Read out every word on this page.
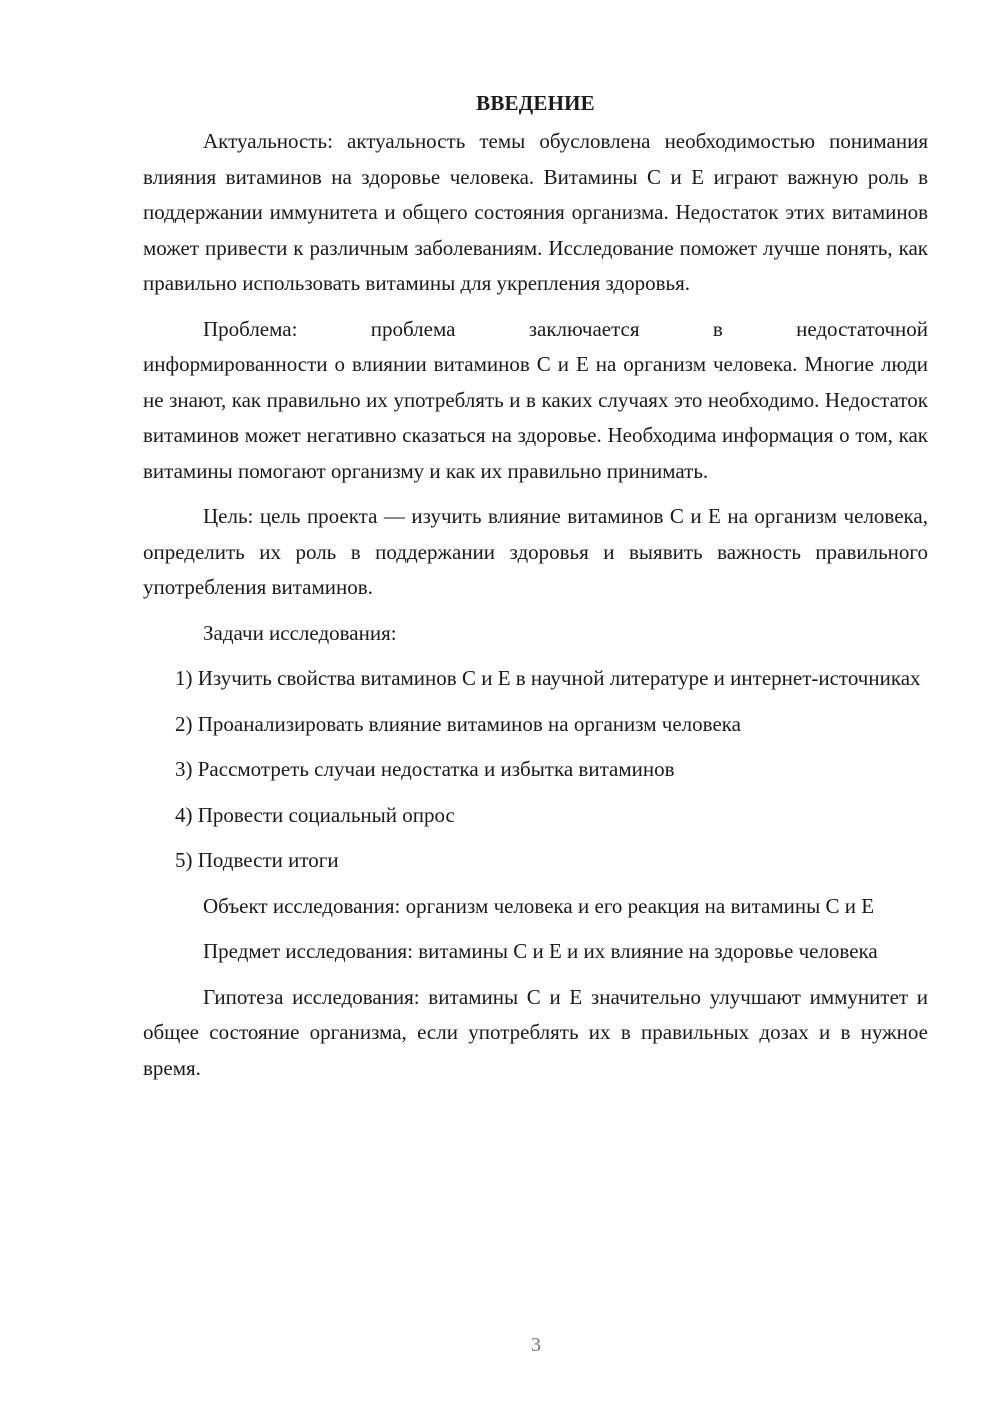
ВВЕДЕНИЕ

Актуальность: актуальность темы обусловлена необходимостью понимания влияния витаминов на здоровье человека. Витамины С и Е играют важную роль в поддержании иммунитета и общего состояния организма. Недостаток этих витаминов может привести к различным заболеваниям. Исследование поможет лучше понять, как правильно использовать витамины для укрепления здоровья.

Проблема: проблема заключается в недостаточной
информированности о влиянии витаминов С и Е на организм человека. Многие люди не знают, как правильно их употреблять и в каких случаях это необходимо. Недостаток витаминов может негативно сказаться на здоровье. Необходима информация о том, как витамины помогают организму и как их правильно принимать.

Цель: цель проекта — изучить влияние витаминов С и Е на организм человека, определить их роль в поддержании здоровья и выявить важность правильного употребления витаминов.

Задачи исследования:

1) Изучить свойства витаминов С и Е в научной литературе и интернет-источниках

2) Проанализировать влияние витаминов на организм человека

3) Рассмотреть случаи недостатка и избытка витаминов

4) Провести социальный опрос

5) Подвести итоги

Объект исследования: организм человека и его реакция на витамины С и Е

Предмет исследования: витамины С и Е и их влияние на здоровье человека

Гипотеза исследования: витамины С и Е значительно улучшают иммунитет и общее состояние организма, если употреблять их в правильных дозах и в нужное время.

3
